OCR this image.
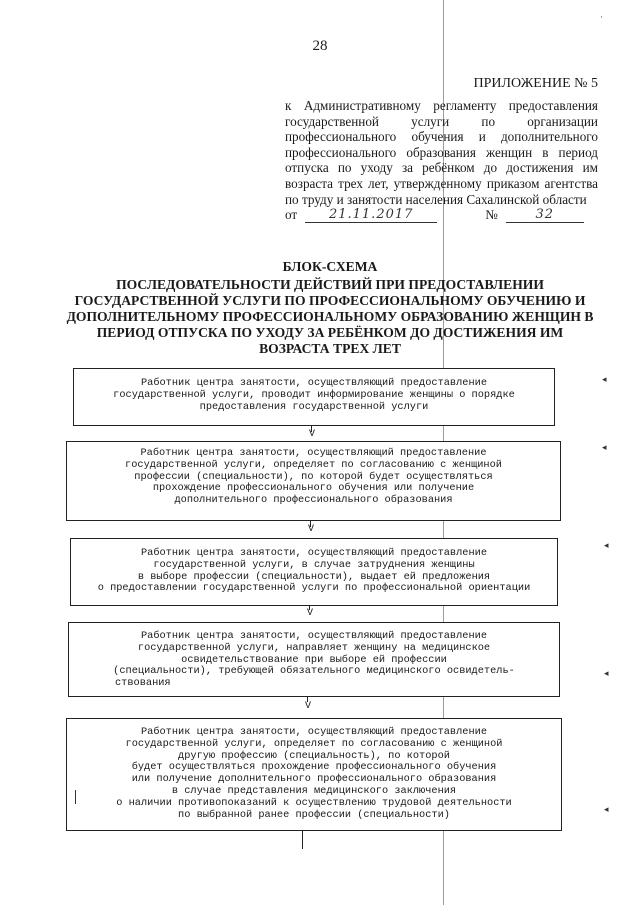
28
ПРИЛОЖЕНИЕ № 5

к Административному регламенту предоставления государственной услуги по организации профессионального обучения и дополнительного профессионального образования женщин в период отпуска по уходу за ребёнком до достижения им возраста трех лет, утвержденному приказом агентства по труду и занятости населения Сахалинской области

от	21.11.2017	№	32
БЛОК-СХЕМА
ПОСЛЕДОВАТЕЛЬНОСТИ ДЕЙСТВИЙ ПРИ ПРЕДОСТАВЛЕНИИ ГОСУДАРСТВЕННОЙ УСЛУГИ ПО ПРОФЕССИОНАЛЬНОМУ ОБУЧЕНИЮ И ДОПОЛНИТЕЛЬНОМУ ПРОФЕССИОНАЛЬНОМУ ОБРАЗОВАНИЮ ЖЕНЩИН В ПЕРИОД ОТПУСКА ПО УХОДУ ЗА РЕБЁНКОМ ДО ДОСТИЖЕНИЯ ИМ ВОЗРАСТА ТРЕХ ЛЕТ
Работник центра занятости, осуществляющий предоставление
государственной услуги, проводит информирование женщины о порядке
предоставления государственной услуги
V
Работник центра занятости, осуществляющий предоставление
государственной услуги, определяет по согласованию с женщиной
профессии (специальности), по которой будет осуществляться
прохождение профессионального обучения или получение
дополнительного профессионального образования
V
Работник центра занятости, осуществляющий предоставление
государственной услуги, в случае затруднения женщины
в выборе профессии (специальности), выдает ей предложения
о предоставлении государственной услуги по профессиональной ориентации
V
Работник центра занятости, осуществляющий предоставление
государственной услуги, направляет женщину на медицинское
освидетельствование при выборе ей профессии
(специальности), требующей обязательного медицинского освидетель-
ствования
V
Работник центра занятости, осуществляющий предоставление
государственной услуги, определяет по согласованию с женщиной
другую профессию (специальность), по которой
будет осуществляться прохождение профессионального обучения
или получение дополнительного профессионального образования
в случае представления медицинского заключения
о наличии противопоказаний к осуществлению трудовой деятельности
по выбранной ранее профессии (специальности)
◂
◂
◂
◂
◂
·
